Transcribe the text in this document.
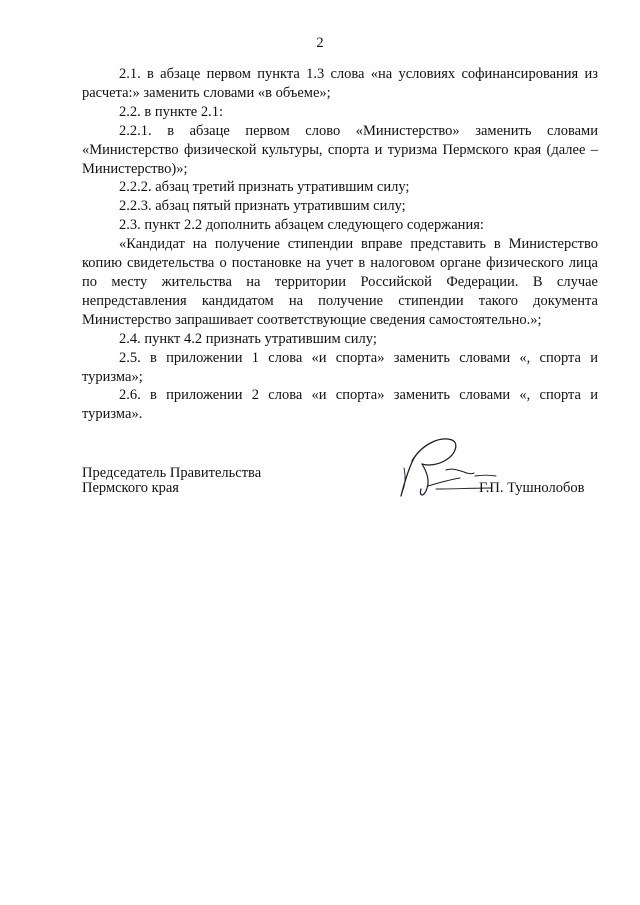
2

2.1. в абзаце первом пункта 1.3 слова «на условиях софинансирования из расчета:» заменить словами «в объеме»;

2.2. в пункте 2.1:

2.2.1. в абзаце первом слово «Министерство» заменить словами «Министерство физической культуры, спорта и туризма Пермского края (далее – Министерство)»;

2.2.2. абзац третий признать утратившим силу;

2.2.3. абзац пятый признать утратившим силу;

2.3. пункт 2.2 дополнить абзацем следующего содержания:

«Кандидат на получение стипендии вправе представить в Министерство копию свидетельства о постановке на учет в налоговом органе физического лица по месту жительства на территории Российской Федерации. В случае непредставления кандидатом на получение стипендии такого документа Министерство запрашивает соответствующие сведения самостоятельно.»;

2.4. пункт 4.2 признать утратившим силу;

2.5. в приложении 1 слова «и спорта» заменить словами «, спорта и туризма»;

2.6. в приложении 2 слова «и спорта» заменить словами «, спорта и туризма».

Председатель Правительства
Пермского края	Г.П. Тушнолобов
